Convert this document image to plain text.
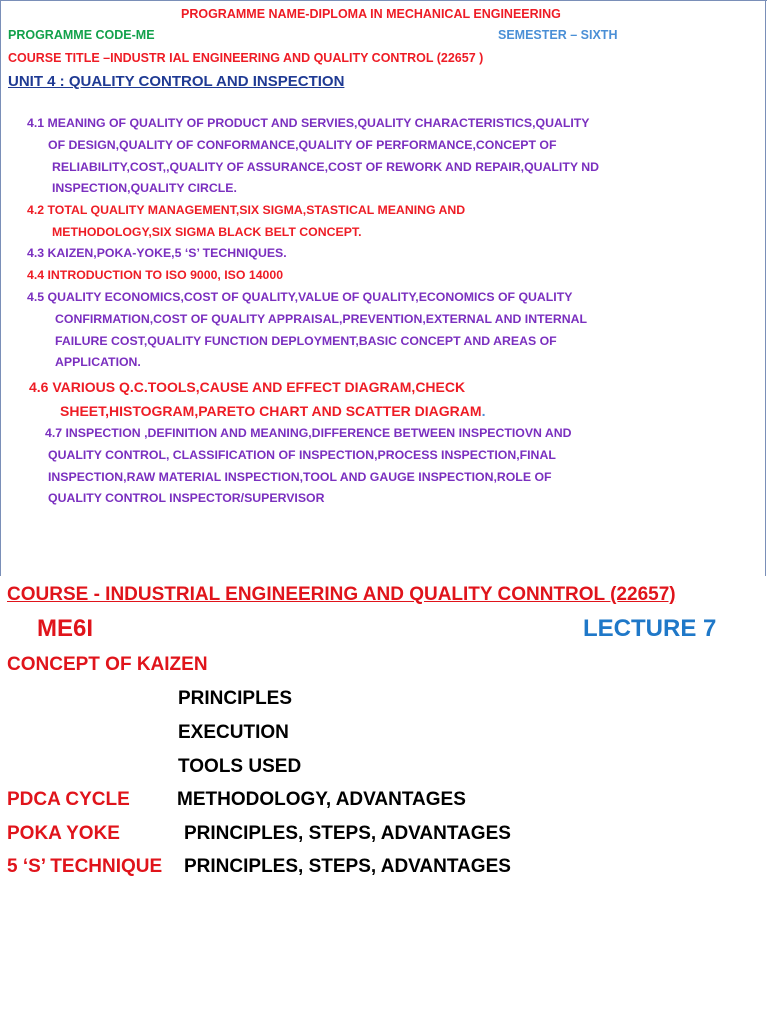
PROGRAMME NAME-DIPLOMA IN MECHANICAL ENGINEERING
PROGRAMME CODE-ME	SEMESTER – SIXTH
COURSE TITLE –INDUSTR IAL ENGINEERING AND QUALITY CONTROL (22657 )
UNIT 4 : QUALITY CONTROL AND INSPECTION
4.1 MEANING OF QUALITY OF PRODUCT AND SERVIES,QUALITY CHARACTERISTICS,QUALITY
OF DESIGN,QUALITY OF CONFORMANCE,QUALITY OF PERFORMANCE,CONCEPT OF
RELIABILITY,COST,,QUALITY OF ASSURANCE,COST OF REWORK AND REPAIR,QUALITY ND
INSPECTION,QUALITY CIRCLE.
4.2 TOTAL QUALITY MANAGEMENT,SIX SIGMA,STASTICAL MEANING AND
METHODOLOGY,SIX SIGMA BLACK BELT CONCEPT.
4.3 KAIZEN,POKA-YOKE,5 ‘S’ TECHNIQUES.
4.4 INTRODUCTION TO ISO 9000, ISO 14000
4.5 QUALITY ECONOMICS,COST OF QUALITY,VALUE OF QUALITY,ECONOMICS OF QUALITY
CONFIRMATION,COST OF QUALITY APPRAISAL,PREVENTION,EXTERNAL AND INTERNAL
FAILURE COST,QUALITY FUNCTION DEPLOYMENT,BASIC CONCEPT AND AREAS OF
APPLICATION.
4.6 VARIOUS Q.C.TOOLS,CAUSE AND EFFECT DIAGRAM,CHECK
SHEET,HISTOGRAM,PARETO CHART AND SCATTER DIAGRAM.
4.7 INSPECTION ,DEFINITION AND MEANING,DIFFERENCE BETWEEN INSPECTIOVN AND
QUALITY CONTROL, CLASSIFICATION OF INSPECTION,PROCESS INSPECTION,FINAL
INSPECTION,RAW MATERIAL INSPECTION,TOOL AND GAUGE INSPECTION,ROLE OF
QUALITY CONTROL INSPECTOR/SUPERVISOR
COURSE - INDUSTRIAL ENGINEERING AND QUALITY CONNTROL (22657)
ME6I	LECTURE 7
CONCEPT OF KAIZEN
PRINCIPLES
EXECUTION
TOOLS USED
PDCA CYCLE METHODOLOGY, ADVANTAGES
POKA YOKE	PRINCIPLES, STEPS, ADVANTAGES
5 ‘S’ TECHNIQUE PRINCIPLES, STEPS, ADVANTAGES
